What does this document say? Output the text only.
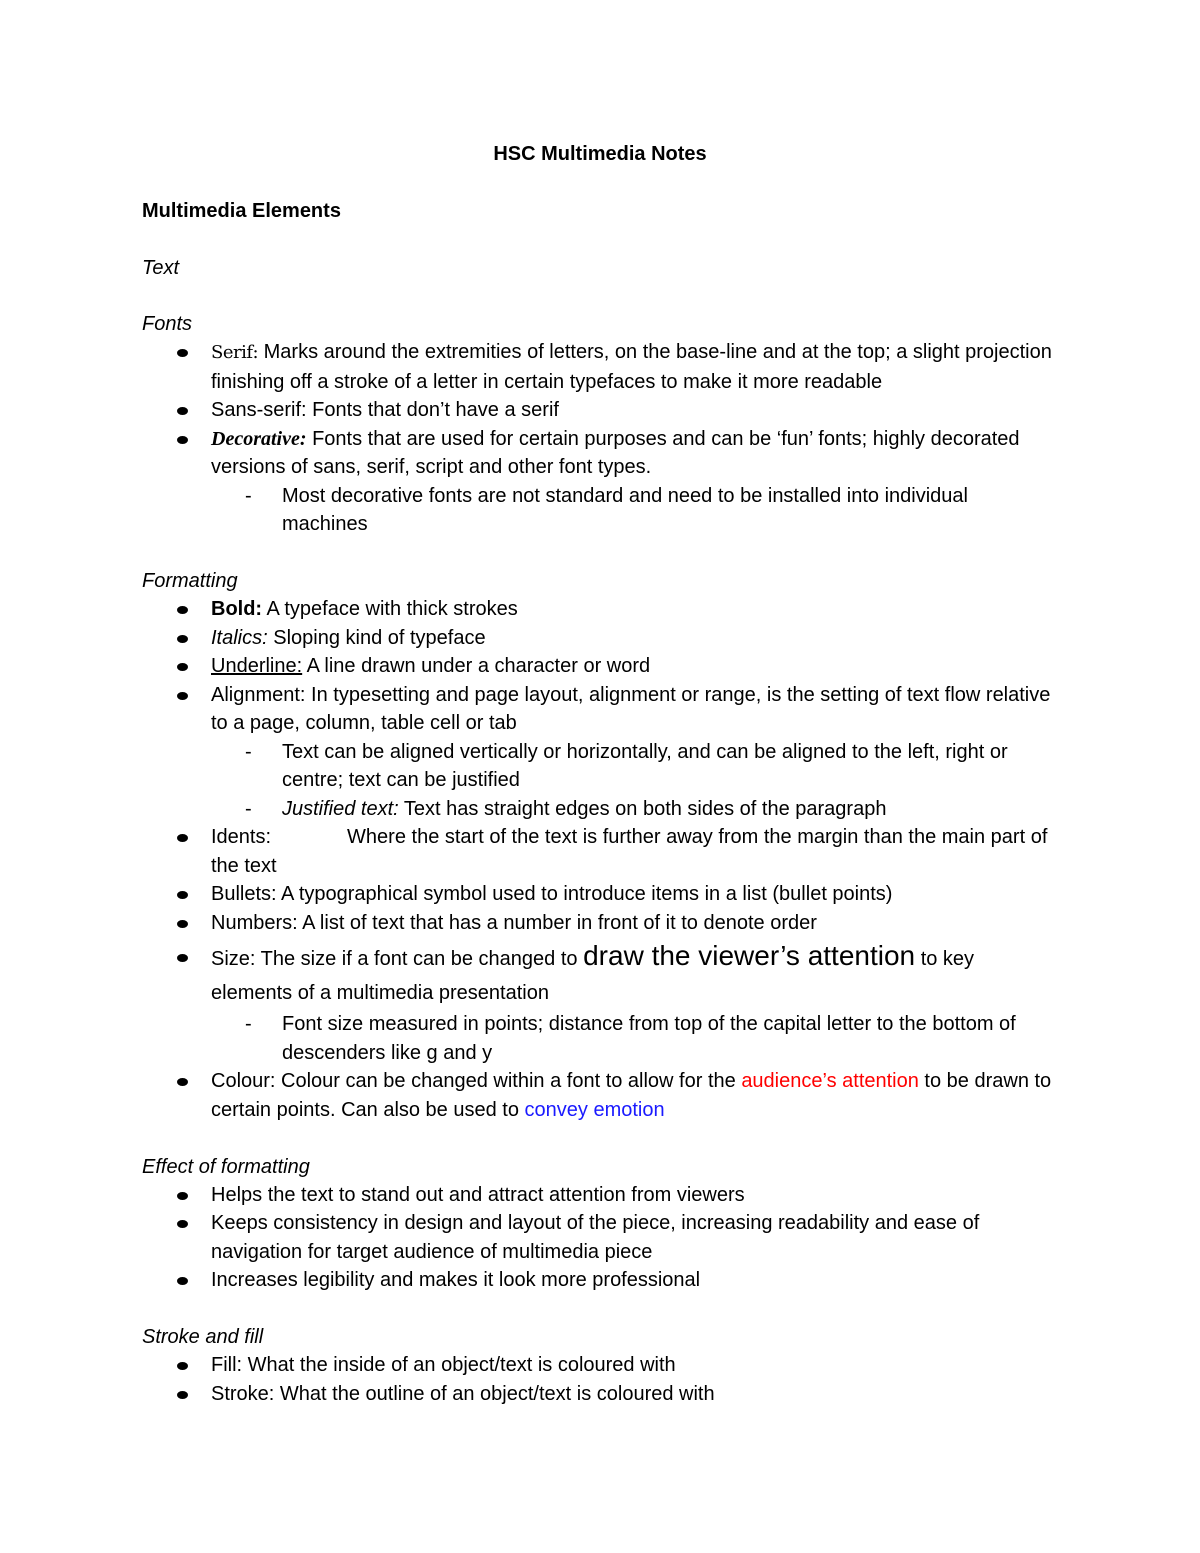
HSC Multimedia Notes
Multimedia Elements

Text

Fonts

Serif: Marks around the extremities of letters, on the base-line and at the top; a slight projection finishing off a stroke of a letter in certain typefaces to make it more readable
Sans-serif: Fonts that don’t have a serif
Decorative: Fonts that are used for certain purposes and can be ‘fun’ fonts; highly decorated versions of sans, serif, script and other font types.
- Most decorative fonts are not standard and need to be installed into individual machines

Formatting

Bold: A typeface with thick strokes
Italics: Sloping kind of typeface
Underline: A line drawn under a character or word
Alignment: In typesetting and page layout, alignment or range, is the setting of text flow relative to a page, column, table cell or tab
- Text can be aligned vertically or horizontally, and can be aligned to the left, right or centre; text can be justified
- Justified text: Text has straight edges on both sides of the paragraph
Idents:	Where the start of the text is further away from the margin than the main part of the text
Bullets: A typographical symbol used to introduce items in a list (bullet points)
Numbers: A list of text that has a number in front of it to denote order
Size: The size if a font can be changed to draw the viewer’s attention to key elements of a multimedia presentation
- Font size measured in points; distance from top of the capital letter to the bottom of descenders like g and y
Colour: Colour can be changed within a font to allow for the audience’s attention to be drawn to certain points. Can also be used to convey emotion

Effect of formatting

Helps the text to stand out and attract attention from viewers
Keeps consistency in design and layout of the piece, increasing readability and ease of navigation for target audience of multimedia piece
Increases legibility and makes it look more professional

Stroke and fill

Fill: What the inside of an object/text is coloured with
Stroke: What the outline of an object/text is coloured with
